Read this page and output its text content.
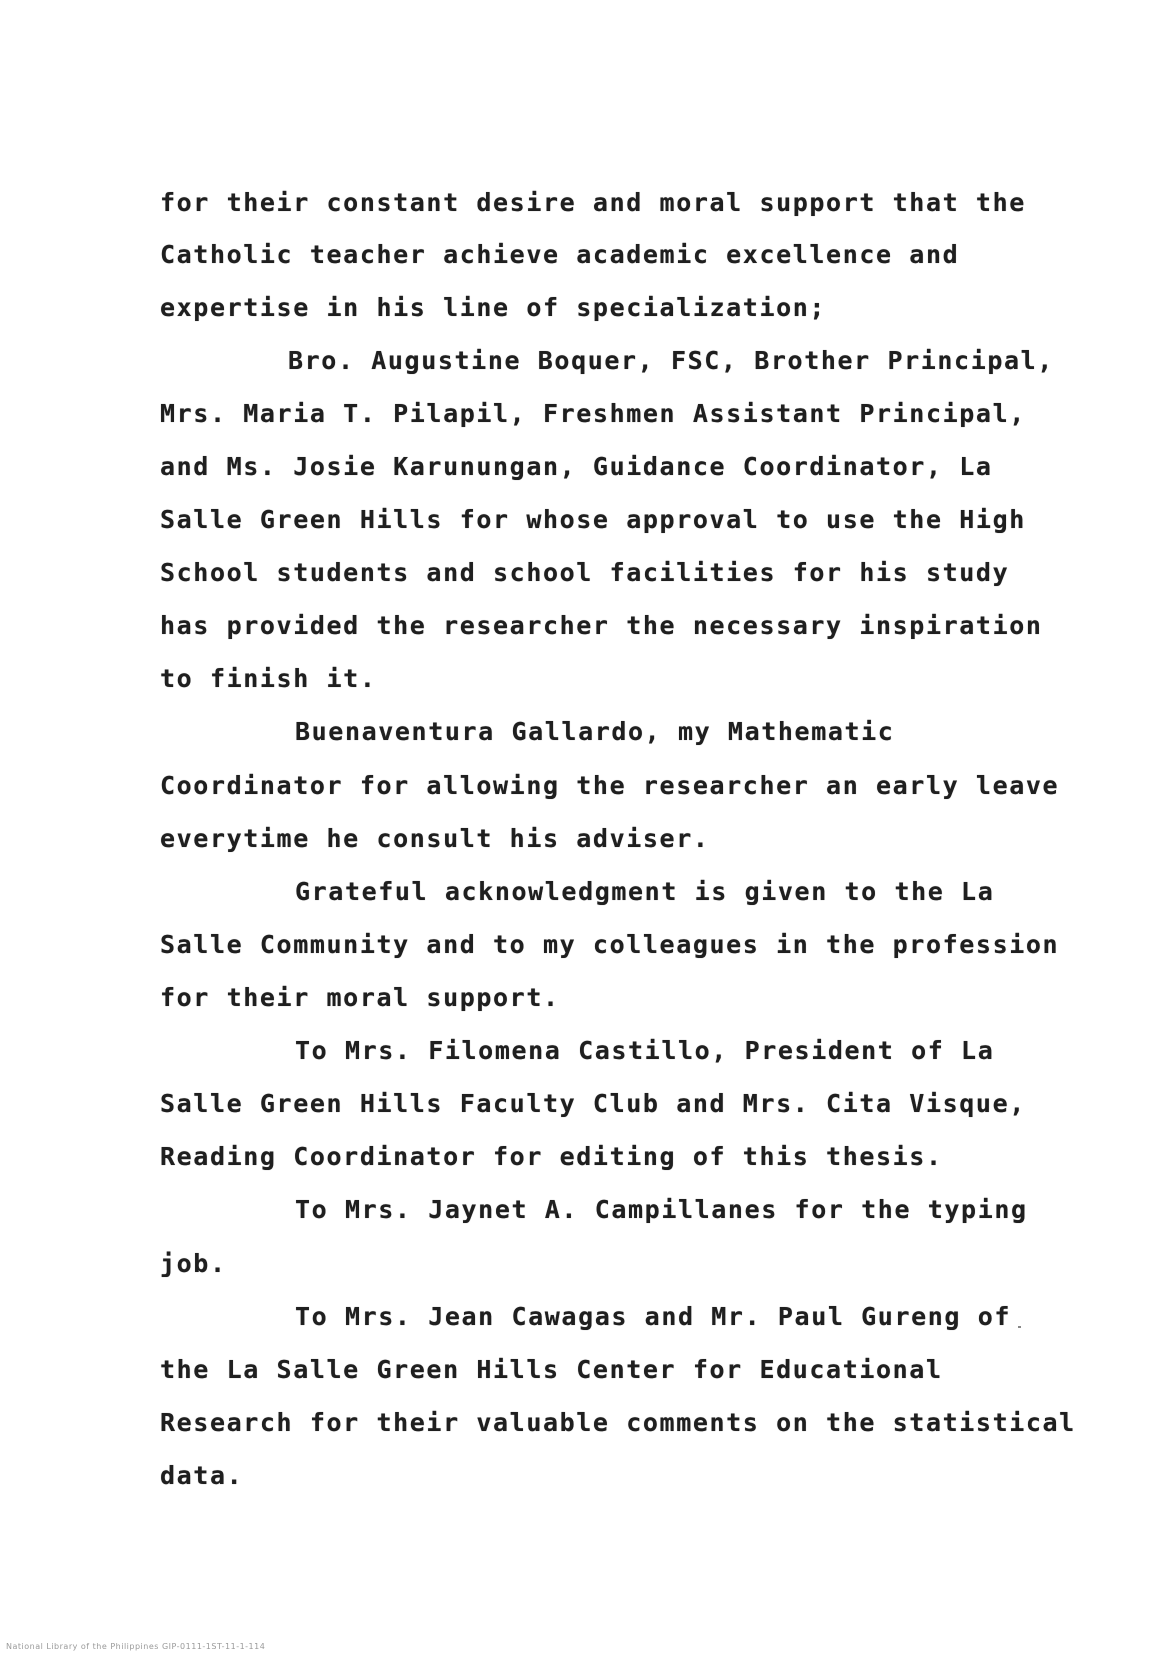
for their constant desire and moral support that the
Catholic teacher achieve academic excellence and
expertise in his line of specialization;
Bro. Augustine Boquer, FSC, Brother Principal,
Mrs. Maria T. Pilapil, Freshmen Assistant Principal,
and Ms. Josie Karunungan, Guidance Coordinator, La
Salle Green Hills for whose approval to use the High
School students and school facilities for his study
has provided the researcher the necessary inspiration
to finish it.
Buenaventura Gallardo, my Mathematic
Coordinator for allowing the researcher an early leave
everytime he consult his adviser.
Grateful acknowledgment is given to the La
Salle Community and to my colleagues in the profession
for their moral support.
To Mrs. Filomena Castillo, President of La
Salle Green Hills Faculty Club and Mrs. Cita Visque,
Reading Coordinator for editing of this thesis.
To Mrs. Jaynet A. Campillanes for the typing
job.
To Mrs. Jean Cawagas and Mr. Paul Gureng of
the La Salle Green Hills Center for Educational
Research for their valuable comments on the statistical
data.
National Library of the Philippines GIP-0111-1ST-11-1-114
